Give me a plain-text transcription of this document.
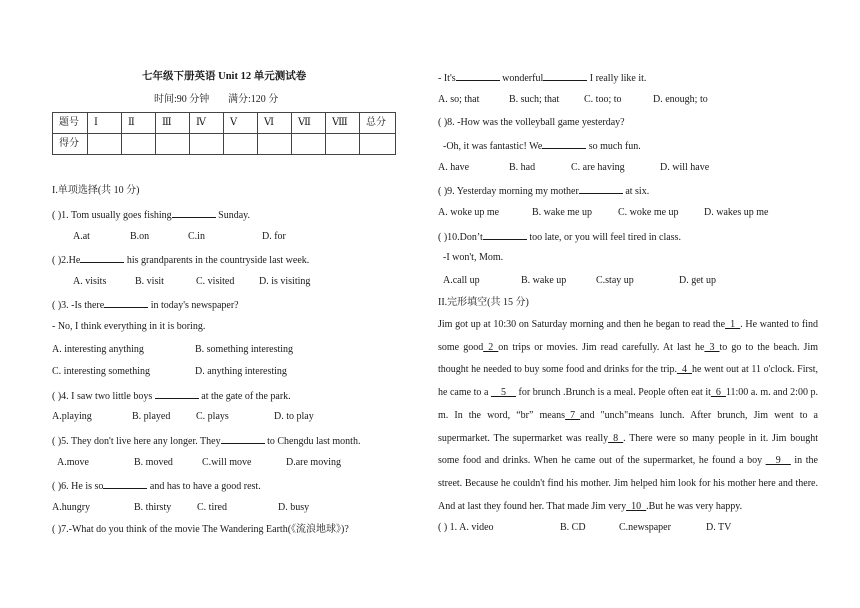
七年级下册英语 Unit 12 单元测试卷
时间:90 分钟 满分:120 分
题号	Ⅰ	Ⅱ	Ⅲ	Ⅳ	Ⅴ	Ⅵ	Ⅶ	Ⅷ	总分
得分									
I.单项选择(共 10 分)
( )1. Tom usually goes fishing	Sunday.
A.at	B.on	C.in	D. for
( )2.He	his grandparents in the countryside last week.
A. visits	B. visit	C. visited D. is visiting
( )3. -Is there	in today's newspaper?
- No, I think everything in it is boring.
A. interesting anything	B. something interesting
C. interesting something	D. anything interesting
( )4. I saw two little boys	at the gate of the park.
A.playing	B. played	C. plays	D. to play
( )5. They don't live here any longer. They	to Chengdu last month.
A.move	B. moved	C.will move	D.are moving
( )6. He is so	and has to have a good rest.
A.hungry	B. thirsty	C. tired	D. busy
( )7.-What do you think of the movie The Wandering Earth(《流浪地球》)?
- It's	wonderful	I really like it.
A. so; that	B. such; that C. too; to	D. enough; to
( )8. -How was the volleyball game yesterday?
-Oh, it was fantastic! We	so much fun.
A. have	B. had	C. are having	D. will have
( )9. Yesterday morning my mother	at six.
A. woke up me	B. wake me up	C. woke me up	D. wakes up me
( )10.Don’t	too late, or you will feel tired in class.
-I won't, Mom.
A.call up	B. wake up	C.stay up	D. get up
II.完形填空(共 15 分)
Jim got up at 10:30 on Saturday morning and then he began to read the_1_. He wanted to find some good_2_on trips or movies. Jim read carefully. At last he_3_to go to the beach. Jim thought he needed to buy some food and drinks for the trip._4_he went out at 11 o'clock. First, he came to a __5__ for brunch .Brunch is a meal. People often eat it_6_11:00 a. m. and 2:00 p. m. In the word, “br” means_7_and "unch"means lunch. After brunch, Jim went to a supermarket. The supermarket was really_8_. There were so many people in it. Jim bought some food and drinks. When he came out of the supermarket, he found a boy __9__ in the street. Because he couldn't find his mother. Jim helped him look for his mother here and there. And at last they found her. That made Jim very_10_.But he was very happy.
( ) 1. A. video	B. CD	C.newspaper	D. TV
